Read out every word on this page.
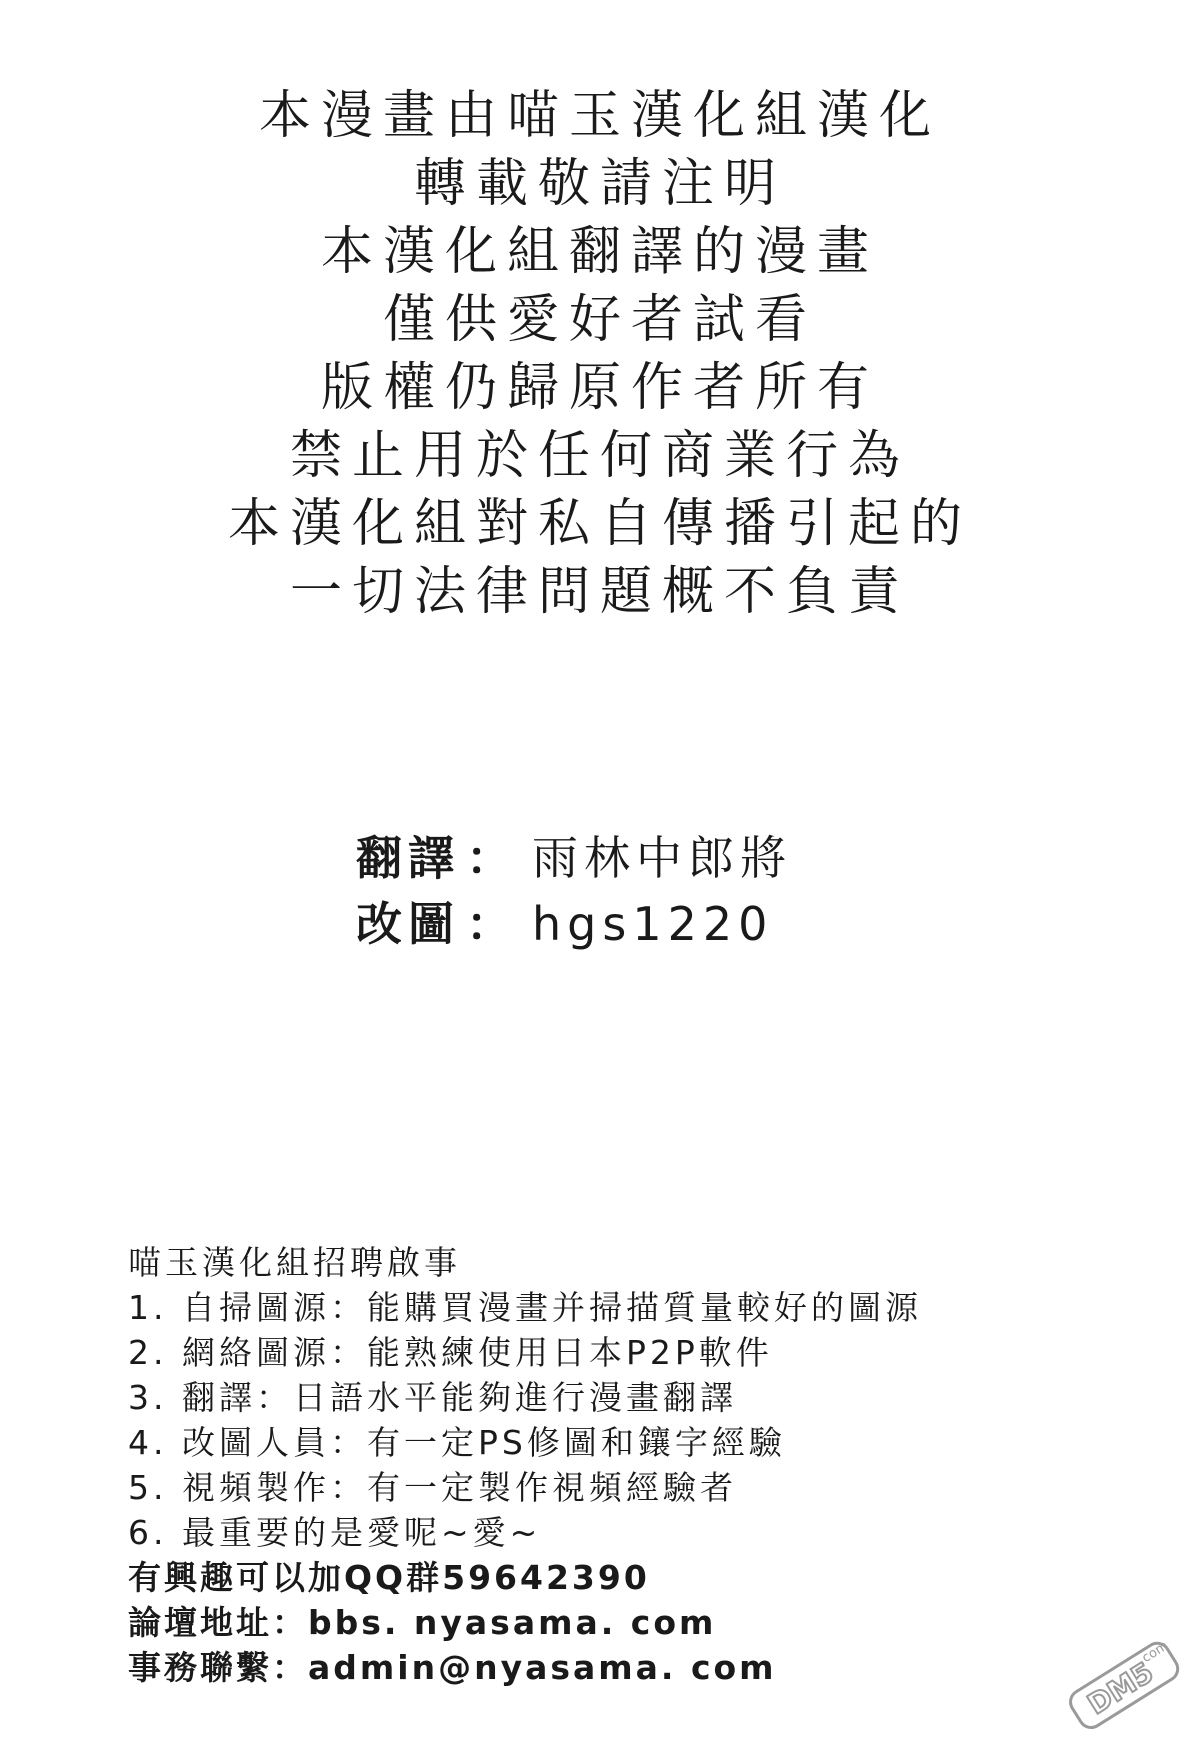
本漫畫由喵玉漢化組漢化
轉載敬請注明
本漢化組翻譯的漫畫
僅供愛好者試看
版權仍歸原作者所有
禁止用於任何商業行為
本漢化組對私自傳播引起的
一切法律問題概不負責
翻譯 ： 雨林中郎將
改圖 ： hgs1220
喵玉漢化組招聘啟事
1. 自掃圖源：能購買漫畫并掃描質量較好的圖源
2. 網絡圖源：能熟練使用日本P2P軟件
3. 翻譯：日語水平能夠進行漫畫翻譯
4. 改圖人員：有一定PS修圖和鑲字經驗
5. 視頻製作：有一定製作視頻經驗者
6. 最重要的是愛呢~愛~
有興趣可以加QQ群59642390
論壇地址：bbs. nyasama. com
事務聯繫：admin@nyasama. com	DM5
.com
